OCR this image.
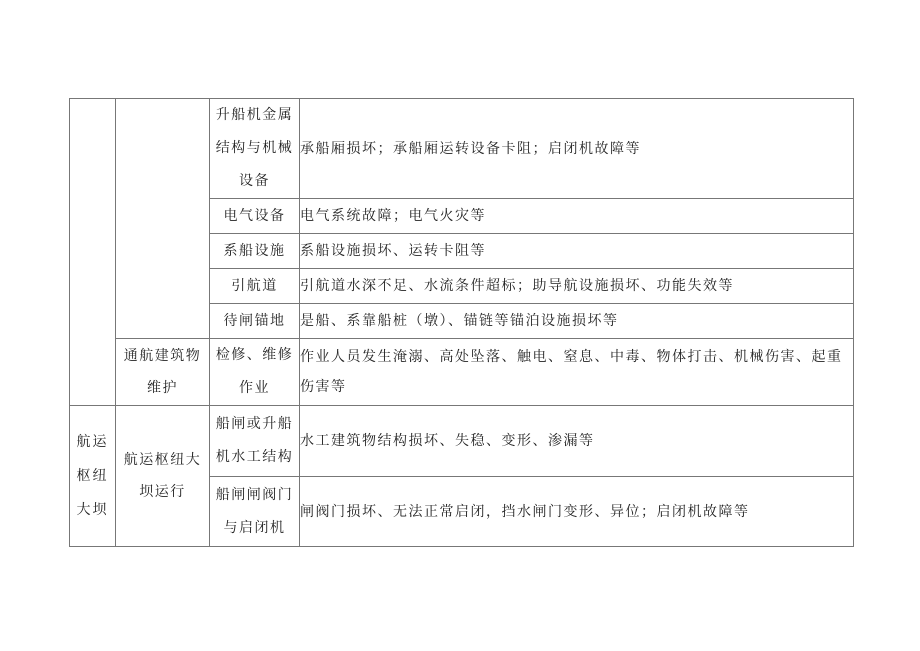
		升船机金属结构与机械设备	承船厢损坏；承船厢运转设备卡阻；启闭机故障等

		电气设备	电气系统故障；电气火灾等

		系船设施	系船设施损坏、运转卡阻等

		引航道	引航道水深不足、水流条件超标；助导航设施损坏、功能失效等

		待闸锚地	是船、系靠船桩（墩）、锚链等锚泊设施损坏等

	通航建筑物维护	检修、维修作业	作业人员发生淹溺、高处坠落、触电、窒息、中毒、物体打击、机械伤害、起重伤害等

航运枢纽大坝	航运枢纽大坝运行	船闸或升船机水工结构	水工建筑物结构损坏、失稳、变形、渗漏等

		船闸闸阀门与启闭机	闸阀门损坏、无法正常启闭，挡水闸门变形、异位；启闭机故障等
